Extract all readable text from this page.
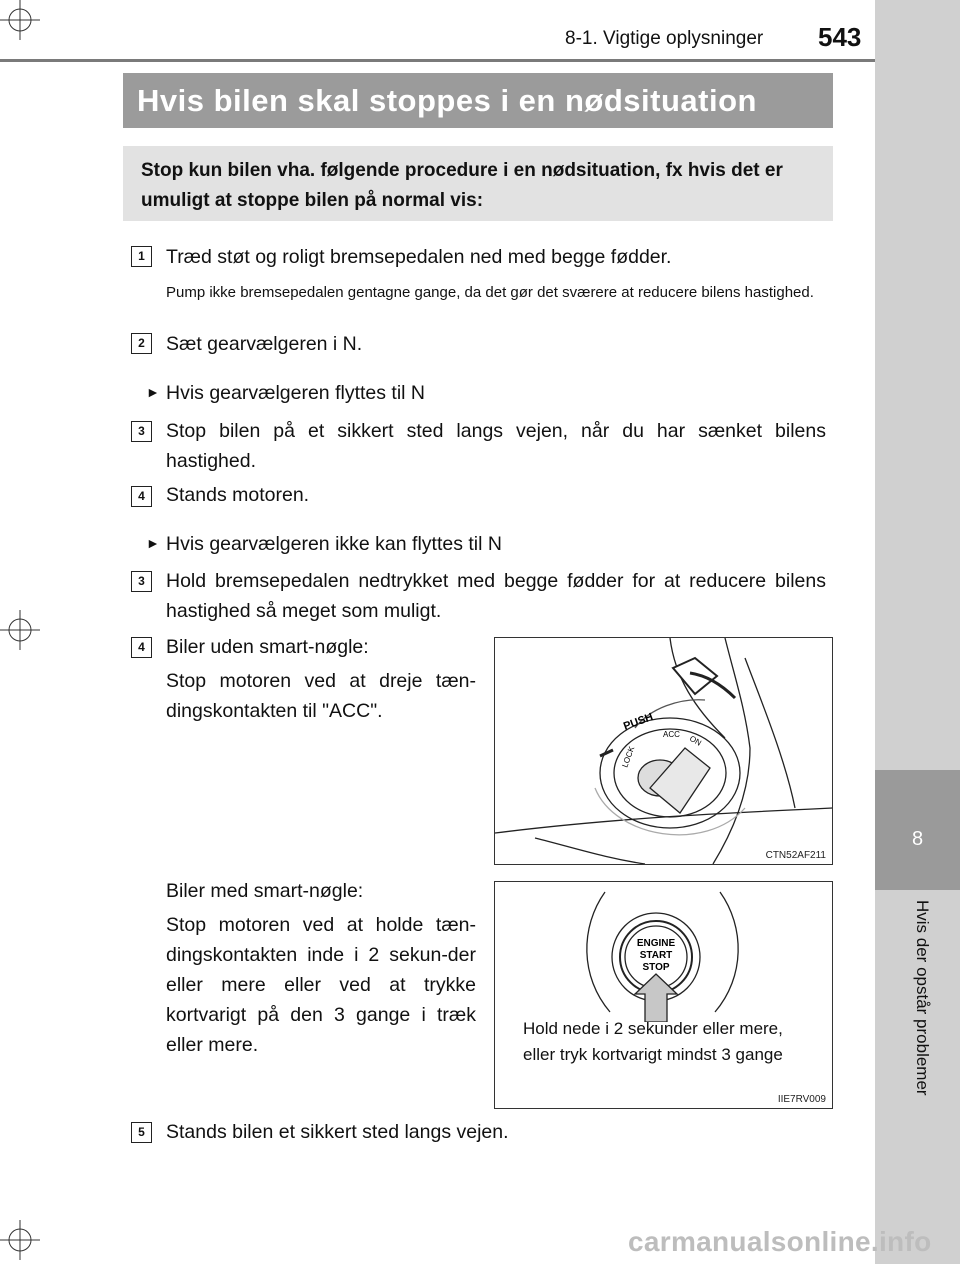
8
Hvis der opstår problemer
8-1. Vigtige oplysninger 543
Hvis bilen skal stoppes i en nødsituation
Stop kun bilen vha. følgende procedure i en nødsituation, fx hvis det er umuligt at stoppe bilen på normal vis:
1	Træd støt og roligt bremsepedalen ned med begge fødder.
Pump ikke bremsepedalen gentagne gange, da det gør det sværere at reducere bilens hastighed.
2	Sæt gearvælgeren i N.
► Hvis gearvælgeren flyttes til N
3	Stop bilen på et sikkert sted langs vejen, når du har sænket bilens hastighed.
4	Stands motoren.
► Hvis gearvælgeren ikke kan flyttes til N
3	Hold bremsepedalen nedtrykket med begge fødder for at reducere bilens hastighed så meget som muligt.
4	Biler uden smart-nøgle:
Stop motoren ved at dreje tæn-dingskontakten til "ACC".
Biler med smart-nøgle:
Stop motoren ved at holde tæn-dingskontakten inde i 2 sekun-der eller mere eller ved at trykke kortvarigt på den 3 gange i træk eller mere.
PUSH
LOCK
ACC ON
CTN52AF211
ENGINE
START
STOP
Hold nede i 2 sekunder eller mere, eller tryk kortvarigt mindst 3 gange
IIE7RV009
5	Stands bilen et sikkert sted langs vejen.
carmanualsonline.info
